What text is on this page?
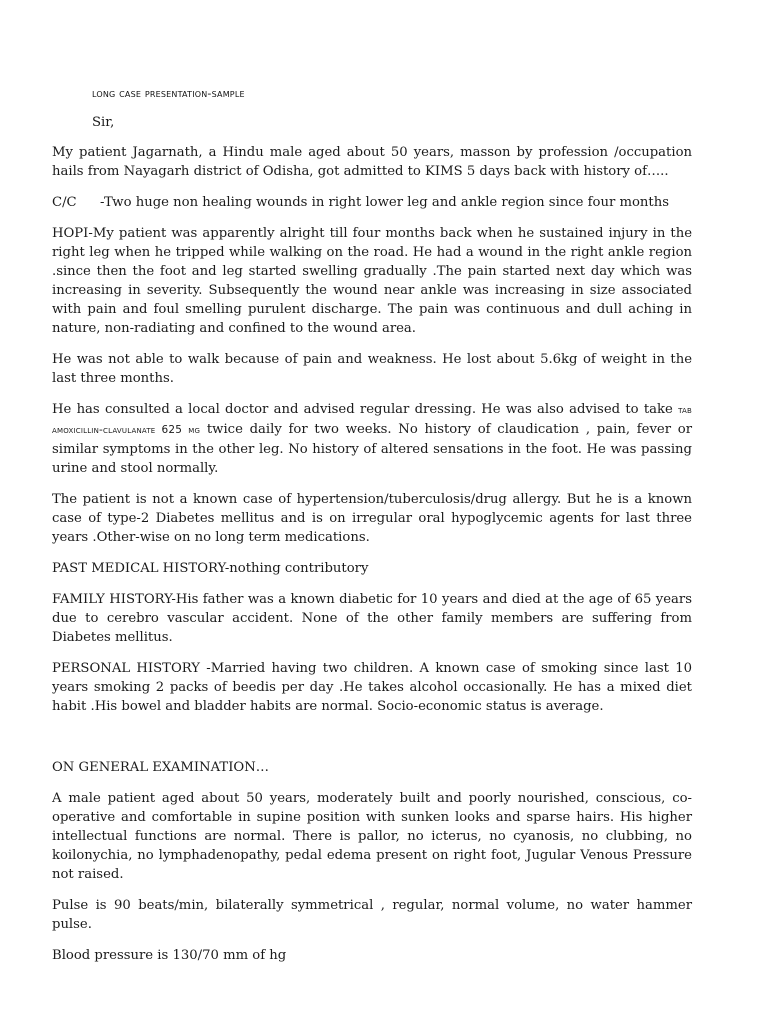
long case presentation-sample
Sir,

My patient Jagarnath, a Hindu male aged about 50 years, masson by profession /occupation hails from Nayagarh district of Odisha, got admitted to KIMS 5 days back with history of…..

C/C -Two huge non healing wounds in right lower leg and ankle region since four months

HOPI-My patient was apparently alright till four months back when he sustained injury in the right leg when he tripped while walking on the road. He had a wound in the right ankle region .since then the foot and leg started swelling gradually .The pain started next day which was increasing in severity. Subsequently the wound near ankle was increasing in size associated with pain and foul smelling purulent discharge. The pain was continuous and dull aching in nature, non-radiating and confined to the wound area.

He was not able to walk because of pain and weakness. He lost about 5.6kg of weight in the last three months.

He has consulted a local doctor and advised regular dressing. He was also advised to take tab amoxicillin-clavulanate 625 mg twice daily for two weeks. No history of claudication , pain, fever or similar symptoms in the other leg. No history of altered sensations in the foot. He was passing urine and stool normally.

The patient is not a known case of hypertension/tuberculosis/drug allergy. But he is a known case of type-2 Diabetes mellitus and is on irregular oral hypoglycemic agents for last three years .Other-wise on no long term medications.

PAST MEDICAL HISTORY-nothing contributory

FAMILY HISTORY-His father was a known diabetic for 10 years and died at the age of 65 years due to cerebro vascular accident. None of the other family members are suffering from Diabetes mellitus.

PERSONAL HISTORY -Married having two children. A known case of smoking since last 10 years smoking 2 packs of beedis per day .He takes alcohol occasionally. He has a mixed diet habit .His bowel and bladder habits are normal. Socio-economic status is average.

ON GENERAL EXAMINATION…

A male patient aged about 50 years, moderately built and poorly nourished, conscious, co-operative and comfortable in supine position with sunken looks and sparse hairs. His higher intellectual functions are normal. There is pallor, no icterus, no cyanosis, no clubbing, no koilonychia, no lymphadenopathy, pedal edema present on right foot, Jugular Venous Pressure not raised.

Pulse is 90 beats/min, bilaterally symmetrical , regular, normal volume, no water hammer pulse.

Blood pressure is 130/70 mm of hg
